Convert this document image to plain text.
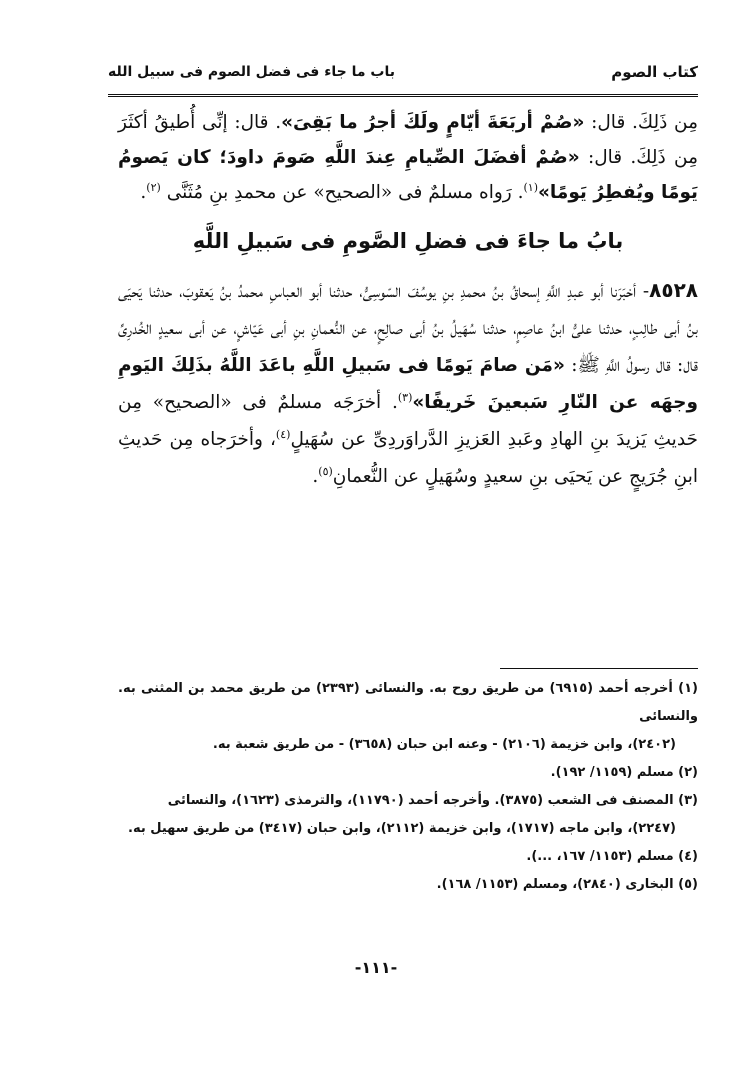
كتاب الصوم
باب ما جاء فى فضل الصوم فى سبيل الله

مِن ذَلِكَ. قال: «صُمْ أربَعَةَ أيّامٍ ولَكَ أجرُ ما بَقِىَ». قال: إنِّى أُطيقُ أكثَرَ مِن ذَلِكَ. قال: «صُمْ أفضَلَ الصِّيامِ عِندَ اللَّهِ صَومَ داودَ؛ كان يَصومُ يَومًا ويُفطِرُ يَومًا»$^{(١)}$. رَواه مسلمٌ فى «الصحيح» عن محمدِ بنِ مُثَنَّى $^{(٢)}$.

بابُ ما جاءَ فى فضلِ الصَّومِ فى سَبيلِ اللَّهِ

٨٥٢٨- أخبَرَنا أبو عبدِ اللَّهِ إسحاقُ بنُ محمدِ بنِ يوسُفَ السّوسِىُّ، حدثنا أبو العباسِ محمدُ بنُ يَعقوبَ، حدثنا يَحيَى بنُ أبى طالِبٍ، حدثنا علىُّ ابنُ عاصِمٍ، حدثنا سُهَيلُ بنُ أبى صالِحٍ، عن النُّعمانِ بنِ أبى عَيّاشٍ، عن أبى سعيدٍ الخُدرِىِّ قال: قال رسولُ اللَّهِ ﷺ: «مَن صامَ يَومًا فى سَبيلِ اللَّهِ باعَدَ اللَّهُ بذَلِكَ اليَومِ وجهَه عن النّارِ سَبعينَ خَريفًا»$^{(٣)}$. أخرَجَه مسلمٌ فى «الصحيح» مِن حَديثِ يَزيدَ بنِ الهادِ وعَبدِ العَزيزِ الدَّراوَردِىِّ عن سُهَيلٍ$^{(٤)}$، وأخرَجاه مِن حَديثِ ابنِ جُرَيجٍ عن يَحيَى بنِ سعيدٍ وسُهَيلٍ عن النُّعمانِ$^{(٥)}$.

(١) أخرجه أحمد (٦٩١٥) من طريق روح به. والنسائى (٢٣٩٣) من طريق محمد بن المثنى به. والنسائى
(٢٤٠٢)، وابن خزيمة (٢١٠٦) - وعنه ابن حبان (٣٦٥٨) - من طريق شعبة به.
(٢) مسلم (١١٥٩/ ١٩٢).
(٣) المصنف فى الشعب (٣٨٧٥). وأخرجه أحمد (١١٧٩٠)، والترمذى (١٦٢٣)، والنسائى
(٢٢٤٧)، وابن ماجه (١٧١٧)، وابن خزيمة (٢١١٢)، وابن حبان (٣٤١٧) من طريق سهيل به.
(٤) مسلم (١١٥٣/ ١٦٧، ...).
(٥) البخارى (٢٨٤٠)، ومسلم (١١٥٣/ ١٦٨).
-١١١-
